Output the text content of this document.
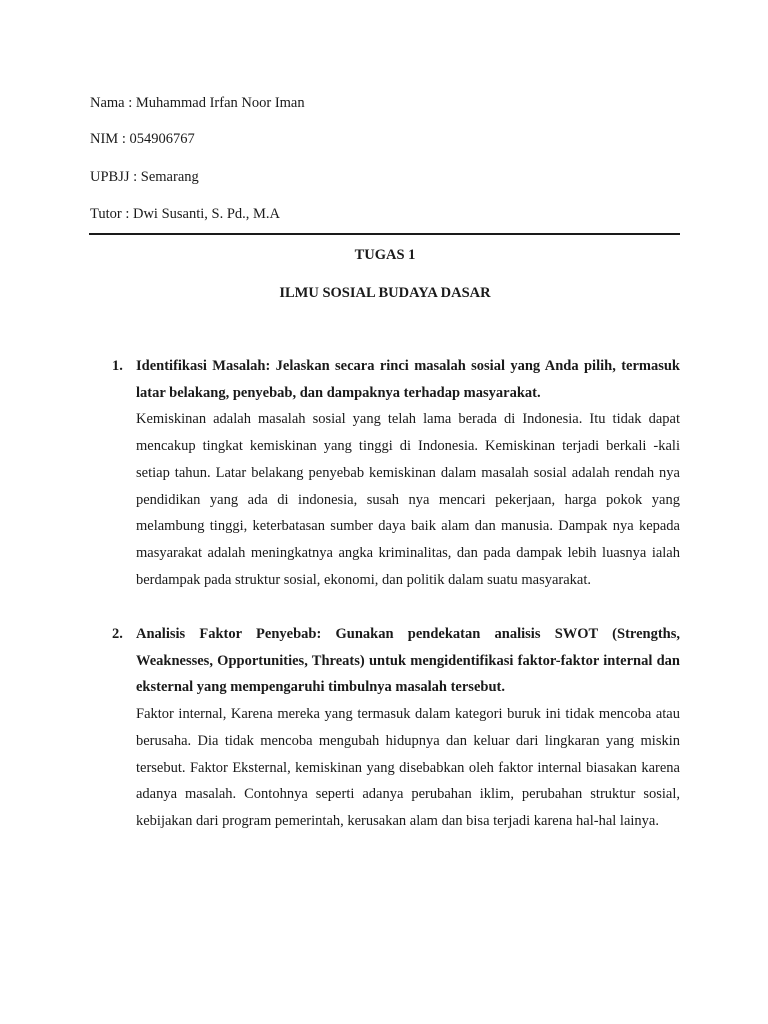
Nama : Muhammad Irfan Noor Iman
NIM : 054906767
UPBJJ : Semarang
Tutor : Dwi Susanti, S. Pd., M.A
TUGAS 1
ILMU SOSIAL BUDAYA DASAR
1. Identifikasi Masalah: Jelaskan secara rinci masalah sosial yang Anda pilih, termasuk latar belakang, penyebab, dan dampaknya terhadap masyarakat.
Kemiskinan adalah masalah sosial yang telah lama berada di Indonesia. Itu tidak dapat mencakup tingkat kemiskinan yang tinggi di Indonesia. Kemiskinan terjadi berkali -kali setiap tahun. Latar belakang penyebab kemiskinan dalam masalah sosial adalah rendah nya pendidikan yang ada di indonesia, susah nya mencari pekerjaan, harga pokok yang melambung tinggi, keterbatasan sumber daya baik alam dan manusia. Dampak nya kepada masyarakat adalah meningkatnya angka kriminalitas, dan pada dampak lebih luasnya ialah berdampak pada struktur sosial, ekonomi, dan politik dalam suatu masyarakat.
2. Analisis Faktor Penyebab: Gunakan pendekatan analisis SWOT (Strengths, Weaknesses, Opportunities, Threats) untuk mengidentifikasi faktor-faktor internal dan eksternal yang mempengaruhi timbulnya masalah tersebut.
Faktor internal, Karena mereka yang termasuk dalam kategori buruk ini tidak mencoba atau berusaha. Dia tidak mencoba mengubah hidupnya dan keluar dari lingkaran yang miskin tersebut. Faktor Eksternal, kemiskinan yang disebabkan oleh faktor internal biasakan karena adanya masalah. Contohnya seperti adanya perubahan iklim, perubahan struktur sosial, kebijakan dari program pemerintah, kerusakan alam dan bisa terjadi karena hal-hal lainya.
